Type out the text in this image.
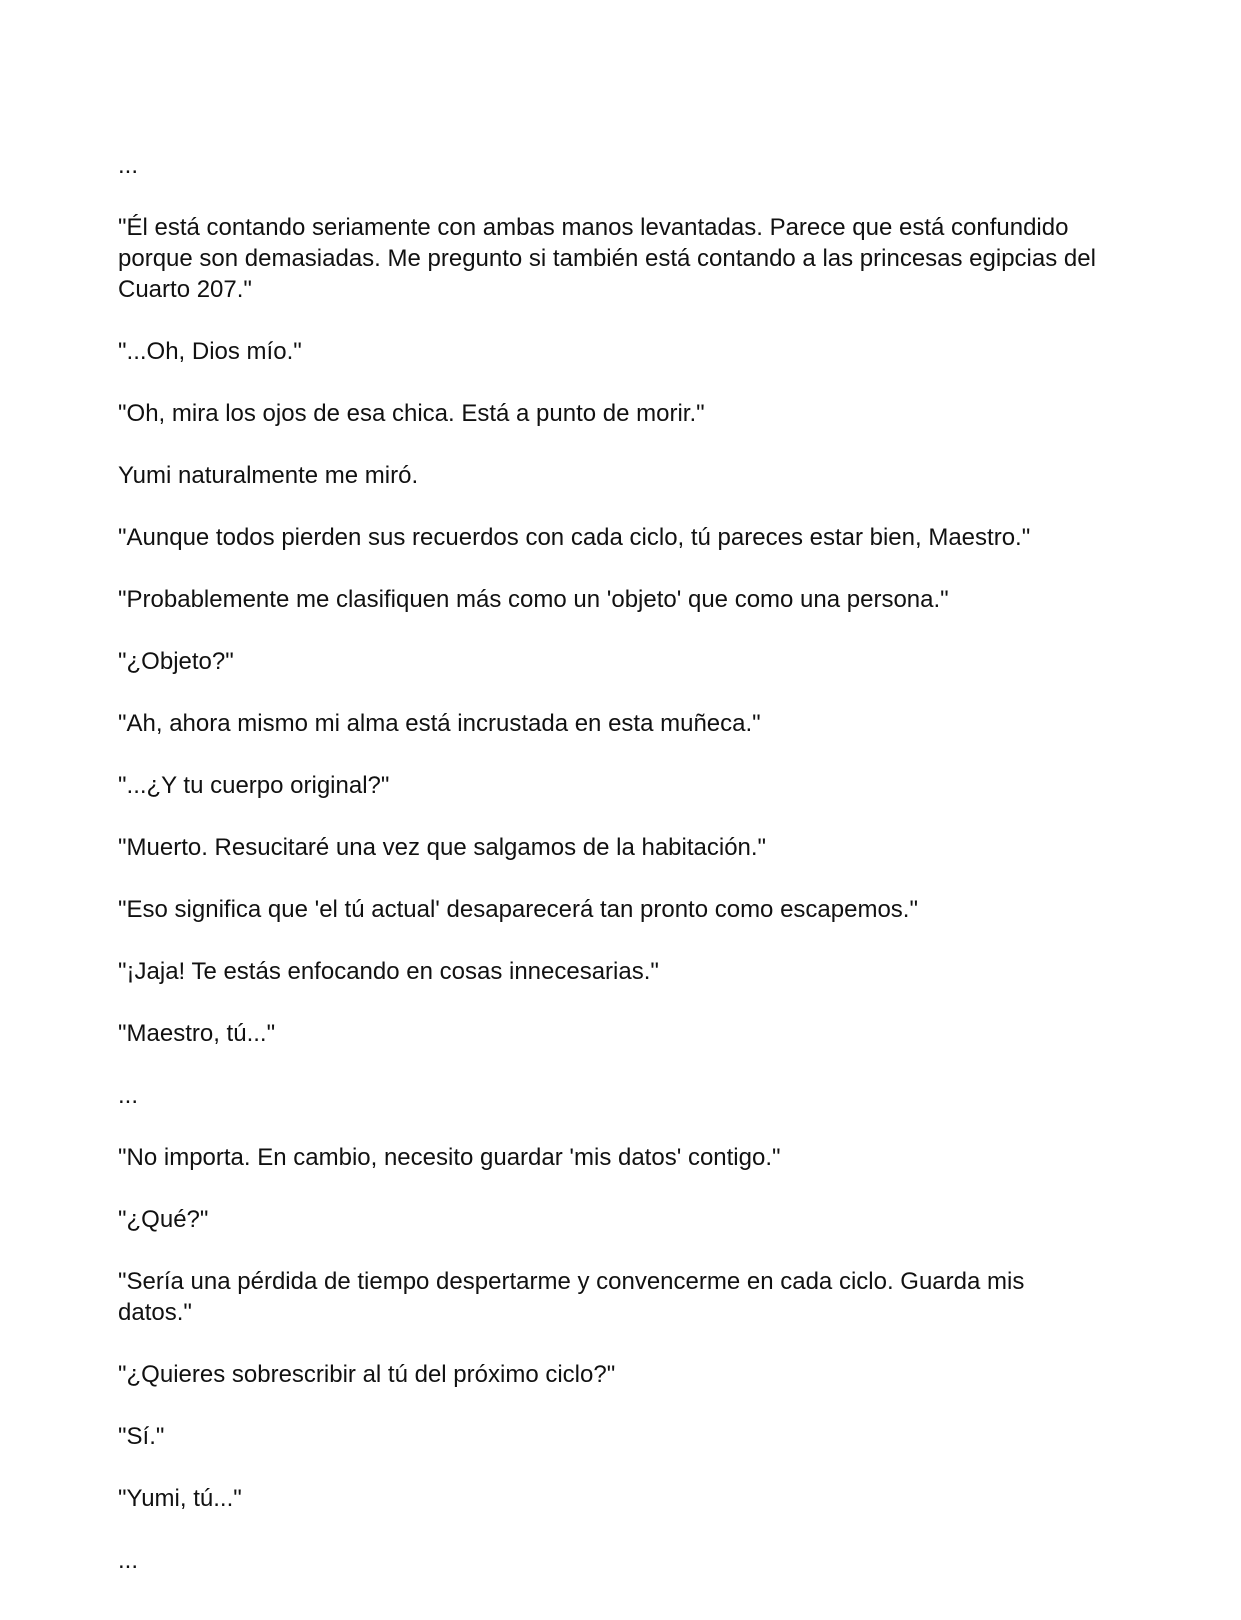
...

"Él está contando seriamente con ambas manos levantadas. Parece que está confundido porque son demasiadas. Me pregunto si también está contando a las princesas egipcias del Cuarto 207."

"...Oh, Dios mío."

"Oh, mira los ojos de esa chica. Está a punto de morir."

Yumi naturalmente me miró.

"Aunque todos pierden sus recuerdos con cada ciclo, tú pareces estar bien, Maestro."

"Probablemente me clasifiquen más como un 'objeto' que como una persona."

"¿Objeto?"

"Ah, ahora mismo mi alma está incrustada en esta muñeca."

"...¿Y tu cuerpo original?"

"Muerto. Resucitaré una vez que salgamos de la habitación."

"Eso significa que 'el tú actual' desaparecerá tan pronto como escapemos."

"¡Jaja! Te estás enfocando en cosas innecesarias."

"Maestro, tú..."

...

"No importa. En cambio, necesito guardar 'mis datos' contigo."

"¿Qué?"

"Sería una pérdida de tiempo despertarme y convencerme en cada ciclo. Guarda mis datos."

"¿Quieres sobrescribir al tú del próximo ciclo?"

"Sí."

"Yumi, tú..."

...
